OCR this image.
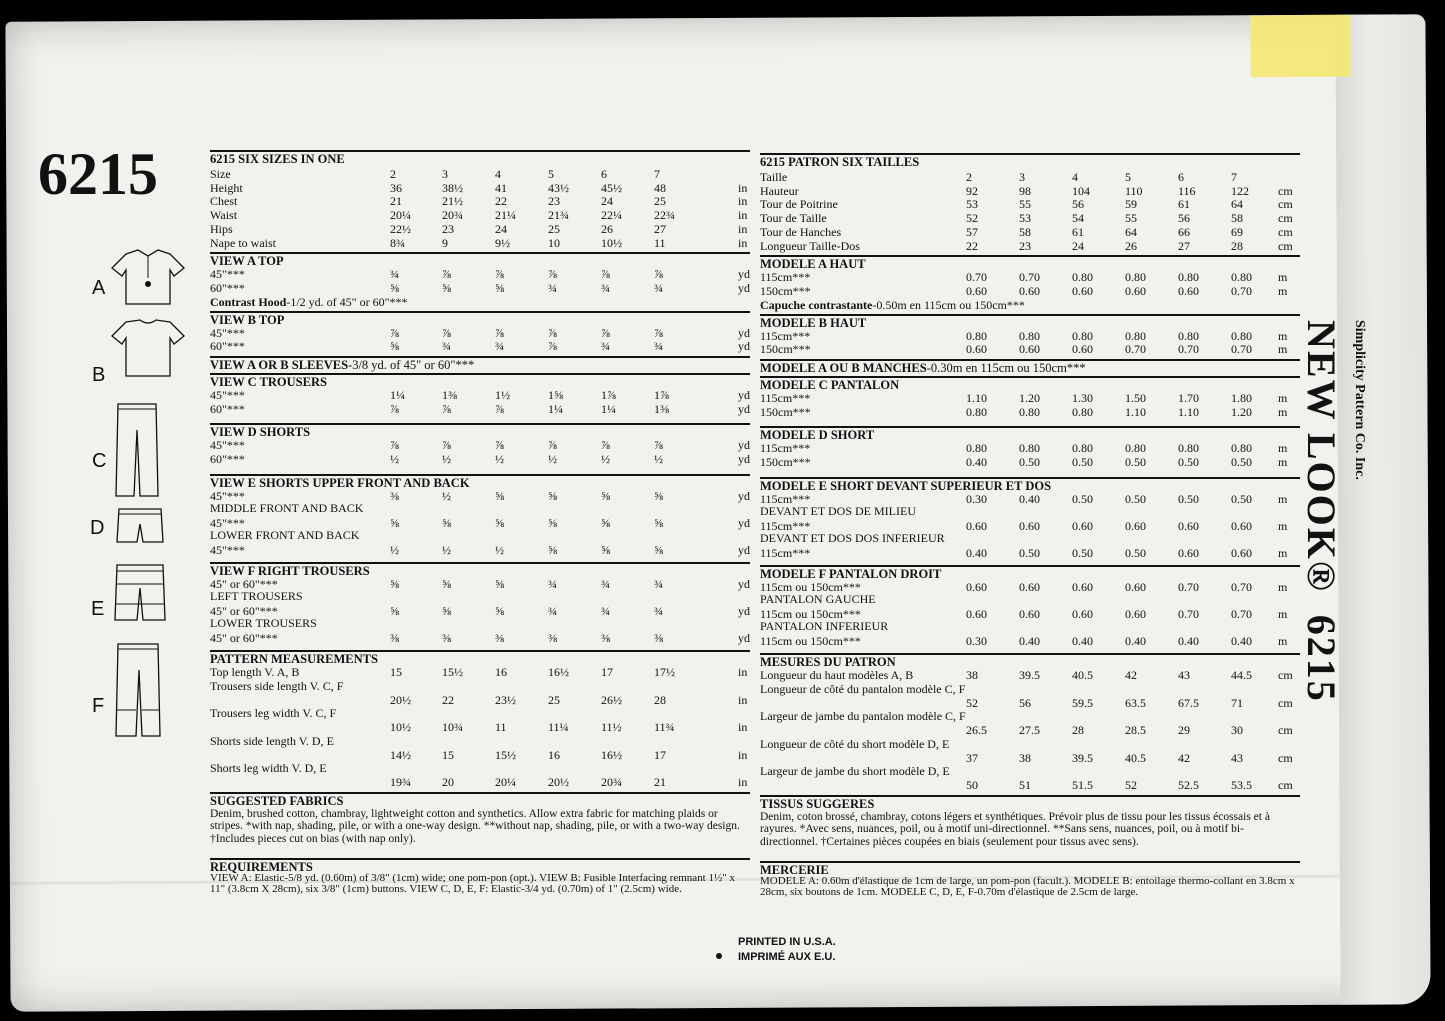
6215
A
B
C
D
E
F
6215 SIX SIZES IN ONE
Size	2	3	4	5	6	7
Height	36	38½	41	43½	45½	48	in
Chest	21	21½	22	23	24	25	in
Waist	20¼	20¾	21¼	21¾	22¼	22¾	in
Hips	22½	23	24	25	26	27	in
Nape to waist	8¾	9	9½	10	10½	11	in
VIEW A TOP
45"***	¾	⅞	⅞	⅞	⅞	⅞	yd
60"***	⅝	⅝	⅝	¾	¾	¾	yd
Contrast Hood-1/2 yd. of 45" or 60"***
VIEW B TOP
45"***	⅞	⅞	⅞	⅞	⅞	⅞	yd
60"***	⅝	¾	¾	⅞	¾	¾	yd
VIEW A OR B SLEEVES-3/8 yd. of 45" or 60"***
VIEW C TROUSERS
45"***	1¼	1⅜	1½	1⅝	1⅞	1⅞	yd
60"***	⅞	⅞	⅞	1¼	1¼	1⅜	yd
VIEW D SHORTS
45"***	⅞	⅞	⅞	⅞	⅞	⅞	yd
60"***	½	½	½	½	½	½	yd
VIEW E SHORTS UPPER FRONT AND BACK
45"***	⅜	½	⅝	⅝	⅝	⅝	yd
MIDDLE FRONT AND BACK
45"***	⅝	⅝	⅝	⅝	⅝	⅝	yd
LOWER FRONT AND BACK
45"***	½	½	½	⅝	⅝	⅝	yd
VIEW F RIGHT TROUSERS
45" or 60"***	⅝	⅝	⅝	¾	¾	¾	yd
LEFT TROUSERS
45" or 60"***	⅝	⅝	⅝	¾	¾	¾	yd
LOWER TROUSERS
45" or 60"***	⅜	⅜	⅜	⅜	⅜	⅜	yd
PATTERN MEASUREMENTS
Top length V. A, B	15	15½	16	16½	17	17½	in
Trousers side length V. C, F
20½	22	23½	25	26½	28	in
Trousers leg width V. C, F
10½	10¾	11	11¼	11½	11¾	in
Shorts side length V. D, E
14½	15	15½	16	16½	17	in
Shorts leg width V. D, E
19¾	20	20¼	20½	20¾	21	in
SUGGESTED FABRICS
Denim, brushed cotton, chambray, lightweight cotton and synthetics. Allow extra fabric for matching plaids or stripes. *with nap, shading, pile, or with a one-way design. **without nap, shading, pile, or with a two-way design. †Includes pieces cut on bias (with nap only).
REQUIREMENTS
VIEW A: Elastic-5/8 yd. (0.60m) of 3/8" (1cm) wide; one pom-pon (opt.). VIEW B: Fusible Interfacing remnant 1½" x 11" (3.8cm X 28cm), six 3/8" (1cm) buttons. VIEW C, D, E, F: Elastic-3/4 yd. (0.70m) of 1" (2.5cm) wide.
6215 PATRON SIX TAILLES
Taille	2	3	4	5	6	7
Hauteur	92	98	104	110	116	122 cm
Tour de Poitrine	53	55	56	59	61	64	cm
Tour de Taille	52	53	54	55	56	58	cm
Tour de Hanches	57	58	61	64	66	69	cm
Longueur Taille-Dos	22	23	24	26	27	28	cm
MODELE A HAUT
115cm***	0.70	0.70	0.80	0.80	0.80	0.80 m
150cm***	0.60	0.60	0.60	0.60	0.60	0.70 m
Capuche contrastante-0.50m en 115cm ou 150cm***
MODELE B HAUT
115cm***	0.80	0.80	0.80	0.80	0.80	0.80 m
150cm***	0.60	0.60	0.60	0.70	0.70	0.70 m
MODELE A OU B MANCHES-0.30m en 115cm ou 150cm***
MODELE C PANTALON
115cm***	1.10	1.20	1.30	1.50	1.70	1.80 m
150cm***	0.80	0.80	0.80	1.10	1.10	1.20 m
MODELE D SHORT
115cm***	0.80	0.80	0.80	0.80	0.80	0.80 m
150cm***	0.40	0.50	0.50	0.50	0.50	0.50 m
MODELE E SHORT DEVANT SUPERIEUR ET DOS
115cm***	0.30	0.40	0.50	0.50	0.50	0.50 m
DEVANT ET DOS DE MILIEU
115cm***	0.60	0.60	0.60	0.60	0.60	0.60 m
DEVANT ET DOS DOS INFERIEUR
115cm***	0.40	0.50	0.50	0.50	0.60	0.60 m
MODELE F PANTALON DROIT
115cm ou 150cm***	0.60	0.60	0.60	0.60	0.70	0.70 m
PANTALON GAUCHE
115cm ou 150cm***	0.60	0.60	0.60	0.60	0.70	0.70 m
PANTALON INFERIEUR
115cm ou 150cm***	0.30	0.40	0.40	0.40	0.40	0.40 m
MESURES DU PATRON
Longueur du haut modèles A, B	38	39.5	40.5	42	43	44.5 cm
Longueur de côté du pantalon modèle C, F
52	56	59.5	63.5	67.5	71	cm
Largeur de jambe du pantalon modèle C, F
26.5	27.5	28	28.5	29	30	cm
Longueur de côté du short modèle D, E
37	38	39.5	40.5	42	43	cm
Largeur de jambe du short modèle D, E
50	51	51.5	52	52.5	53.5 cm
TISSUS SUGGERES
Denim, coton brossé, chambray, cotons légers et synthétiques. Prévoir plus de tissu pour les tissus écossais et à rayures. *Avec sens, nuances, poil, ou à motif uni-directionnel. **Sans sens, nuances, poil, ou à motif bi-directionnel. †Certaines pièces coupées en biais (seulement pour tissus avec sens).
MERCERIE
MODELE A: 0.60m d'élastique de 1cm de large, un pom-pon (facult.). MODELE B: entoilage thermo-collant en 3.8cm x 28cm, six boutons de 1cm. MODELE C, D, E, F-0.70m d'élastique de 2.5cm de large.
Simplicity Pattern Co. Inc.
NEW LOOK® 6215
PRINTED IN U.S.A.
IMPRIMÉ AUX E.U.
